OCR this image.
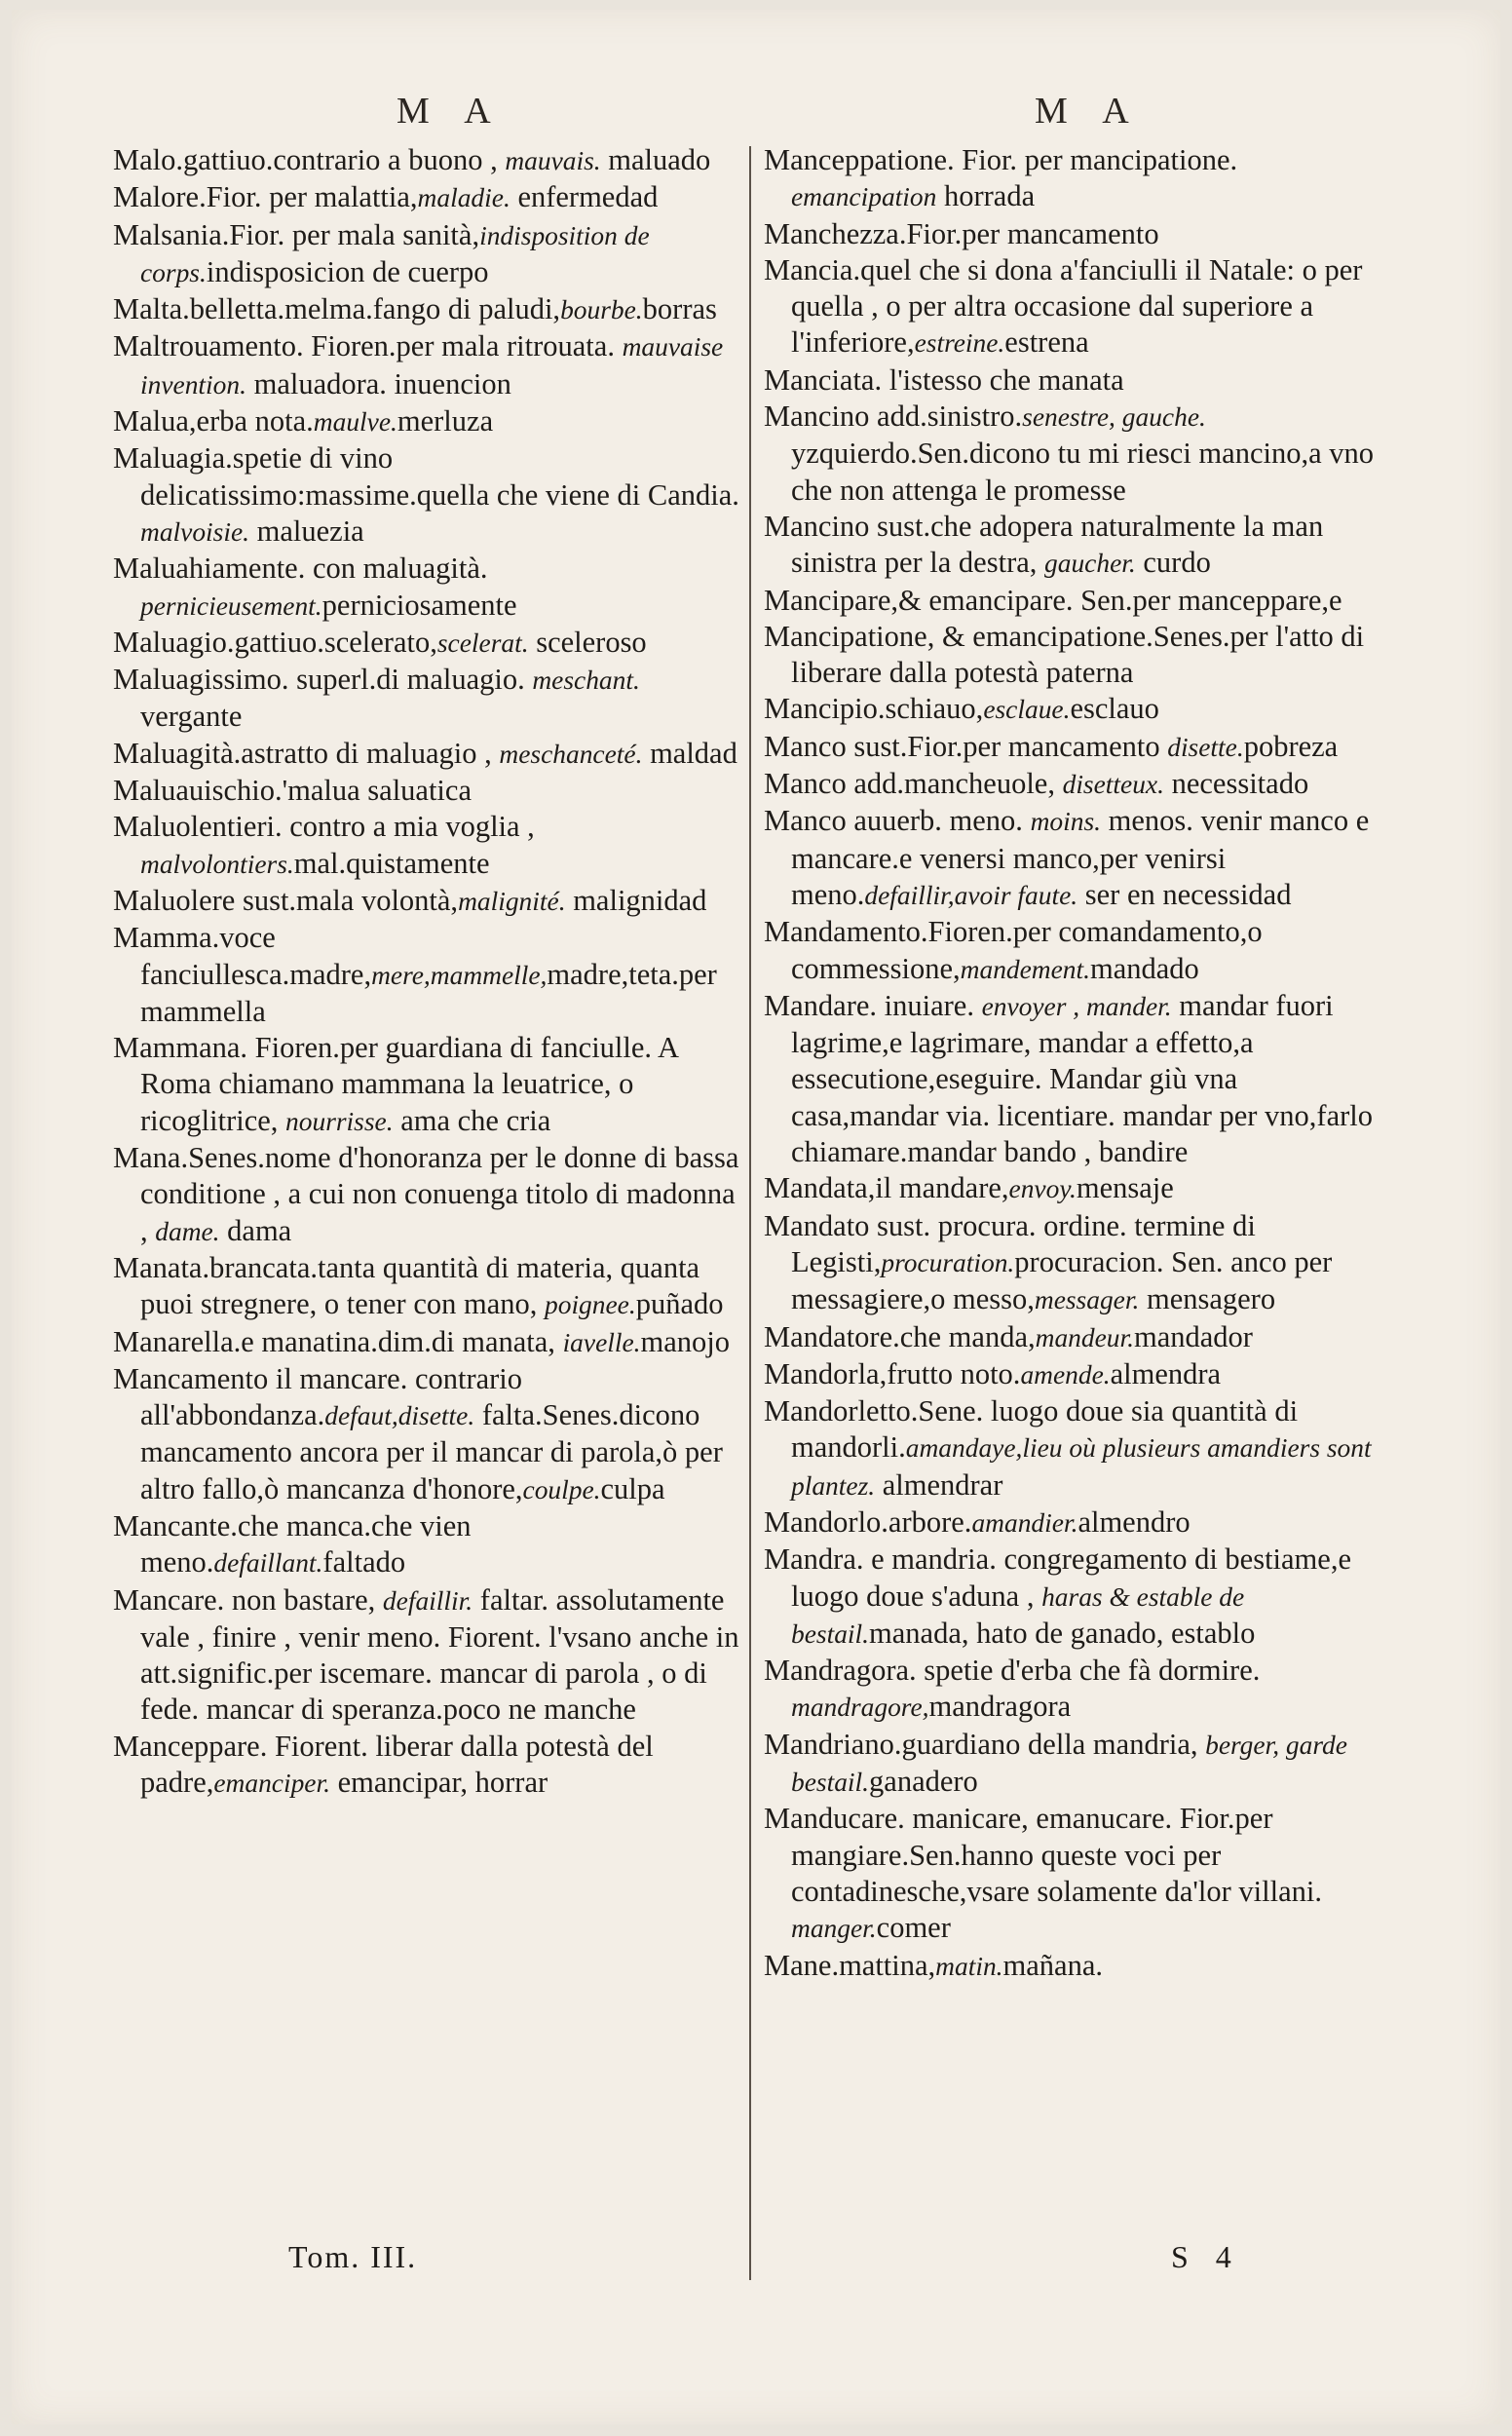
M A	M A

Malo.gattiuo.contrario a buono , mauvais. maluado

Malore.Fior. per malattia,maladie. enfermedad

Malsania.Fior. per mala sanità,indisposition de corps.indisposicion de cuerpo

Malta.belletta.melma.fango di paludi,bourbe.borras

Maltrouamento. Fioren.per mala ritrouata. mauvaise invention. maluadora. inuencion

Malua,erba nota.maulve.merluza

Maluagia.spetie di vino delicatissimo:massime.quella che viene di Candia. malvoisie. maluezia

Maluahiamente. con maluagità. pernicieusement.perniciosamente

Maluagio.gattiuo.scelerato,scelerat. sceleroso

Maluagissimo. superl.di maluagio. meschant. vergante

Maluagità.astratto di maluagio , meschanceté. maldad

Maluauischio.'malua saluatica

Maluolentieri. contro a mia voglia , malvolontiers.mal.quistamente

Maluolere sust.mala volontà,malignité. malignidad

Mamma.voce fanciullesca.madre,mere,mammelle,madre,teta.per mammella

Mammana. Fioren.per guardiana di fanciulle. A Roma chiamano mammana la leuatrice, o ricoglitrice, nourrisse. ama che cria

Mana.Senes.nome d'honoranza per le donne di bassa conditione , a cui non conuenga titolo di madonna , dame. dama

Manata.brancata.tanta quantità di materia, quanta puoi stregnere, o tener con mano, poignee.puñado

Manarella.e manatina.dim.di manata, iavelle.manojo

Mancamento il mancare. contrario all'abbondanza.defaut,disette. falta.Senes.dicono mancamento ancora per il mancar di parola,ò per altro fallo,ò mancanza d'honore,coulpe.culpa

Mancante.che manca.che vien meno.defaillant.faltado

Mancare. non bastare, defaillir. faltar. assolutamente vale , finire , venir meno. Fiorent. l'vsano anche in att.signific.per iscemare. mancar di parola , o di fede. mancar di speranza.poco ne manche

Manceppare. Fiorent. liberar dalla potestà del padre,emanciper. emancipar, horrar

Manceppatione. Fior. per mancipatione. emancipation horrada

Manchezza.Fior.per mancamento

Mancia.quel che si dona a'fanciulli il Natale: o per quella , o per altra occasione dal superiore a l'inferiore,estreine.estrena

Manciata. l'istesso che manata

Mancino add.sinistro.senestre, gauche. yzquierdo.Sen.dicono tu mi riesci mancino,a vno che non attenga le promesse

Mancino sust.che adopera naturalmente la man sinistra per la destra, gaucher. curdo

Mancipare,& emancipare. Sen.per manceppare,e

Mancipatione, & emancipatione.Senes.per l'atto di liberare dalla potestà paterna

Mancipio.schiauo,esclaue.esclauo

Manco sust.Fior.per mancamento disette.pobreza

Manco add.mancheuole, disetteux. necessitado

Manco auuerb. meno. moins. menos. venir manco e mancare.e venersi manco,per venirsi meno.defaillir,avoir faute. ser en necessidad

Mandamento.Fioren.per comandamento,o commessione,mandement.mandado

Mandare. inuiare. envoyer , mander. mandar fuori lagrime,e lagrimare, mandar a effetto,a essecutione,eseguire. Mandar giù vna casa,mandar via. licentiare. mandar per vno,farlo chiamare.mandar bando , bandire

Mandata,il mandare,envoy.mensaje

Mandato sust. procura. ordine. termine di Legisti,procuration.procuracion. Sen. anco per messagiere,o messo,messager. mensagero

Mandatore.che manda,mandeur.mandador

Mandorla,frutto noto.amende.almendra

Mandorletto.Sene. luogo doue sia quantità di mandorli.amandaye,lieu où plusieurs amandiers sont plantez. almendrar

Mandorlo.arbore.amandier.almendro

Mandra. e mandria. congregamento di bestiame,e luogo doue s'aduna , haras & estable de bestail.manada, hato de ganado, establo

Mandragora. spetie d'erba che fà dormire. mandragore,mandragora

Mandriano.guardiano della mandria, berger, garde bestail.ganadero

Manducare. manicare, emanucare. Fior.per mangiare.Sen.hanno queste voci per contadinesche,vsare solamente da'lor villani. manger.comer

Mane.mattina,matin.mañana.

Tom. III.	S 4
